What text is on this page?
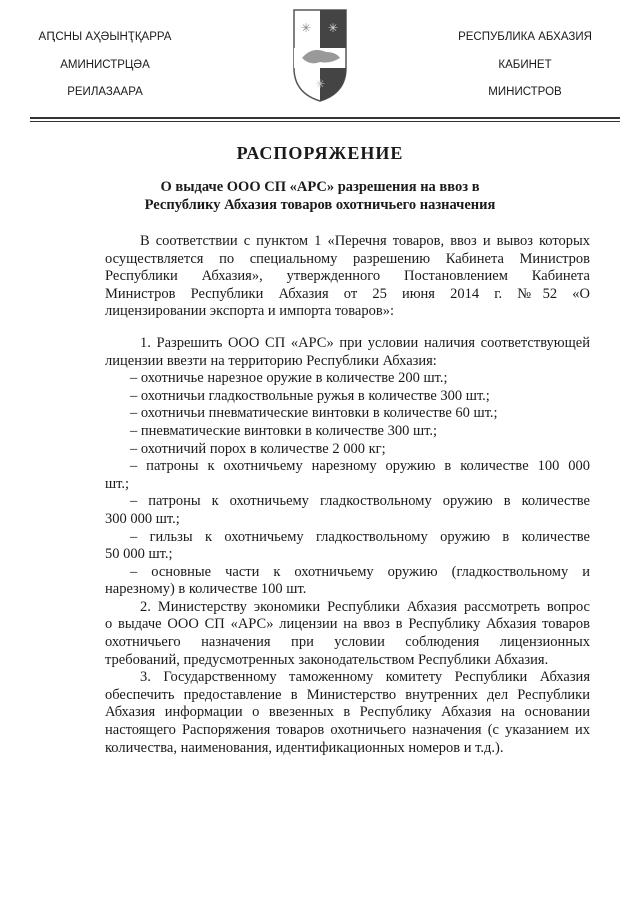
АԤСНЫ АҲӘЫНҬҚАРРА
АМИНИСТРЦӘА
РЕИЛАЗААРА
✳ ✳
✳
РЕСПУБЛИКА АБХАЗИЯ
КАБИНЕТ
МИНИСТРОВ
РАСПОРЯЖЕНИЕ
О выдаче ООО СП «АРС» разрешения на ввоз в
Республику Абхазия товаров охотничьего назначения
В соответствии с пунктом 1 «Перечня товаров, ввоз и вывоз которых
осуществляется по специальному разрешению Кабинета Министров
Республики Абхазия», утвержденного Постановлением Кабинета
Министров Республики Абхазия от 25 июня 2014 г. №52 «О
лицензировании экспорта и импорта товаров»:
1. Разрешить ООО СП «АРС» при условии наличия соответствующей
лицензии ввезти на территорию Республики Абхазия:
– охотничье нарезное оружие в количестве 200 шт.;
– охотничьи гладкоствольные ружья в количестве 300 шт.;
– охотничьи пневматические винтовки в количестве 60 шт.;
– пневматические винтовки в количестве 300 шт.;
– охотничий порох в количестве 2 000 кг;
– патроны к охотничьему нарезному оружию в количестве 100 000
шт.;
– патроны к охотничьему гладкоствольному оружию в количестве
300 000 шт.;
– гильзы к охотничьему гладкоствольному оружию в количестве
50 000 шт.;
– основные части к охотничьему оружию (гладкоствольному и
нарезному) в количестве 100 шт.
2. Министерству экономики Республики Абхазия рассмотреть вопрос
о выдаче ООО СП «АРС» лицензии на ввоз в Республику Абхазия товаров
охотничьего назначения при условии соблюдения лицензионных
требований, предусмотренных законодательством Республики Абхазия.
3. Государственному таможенному комитету Республики Абхазия
обеспечить предоставление в Министерство внутренних дел Республики
Абхазия информации о ввезенных в Республику Абхазия на основании
настоящего Распоряжения товаров охотничьего назначения (с указанием их
количества, наименования, идентификационных номеров и т.д.).
